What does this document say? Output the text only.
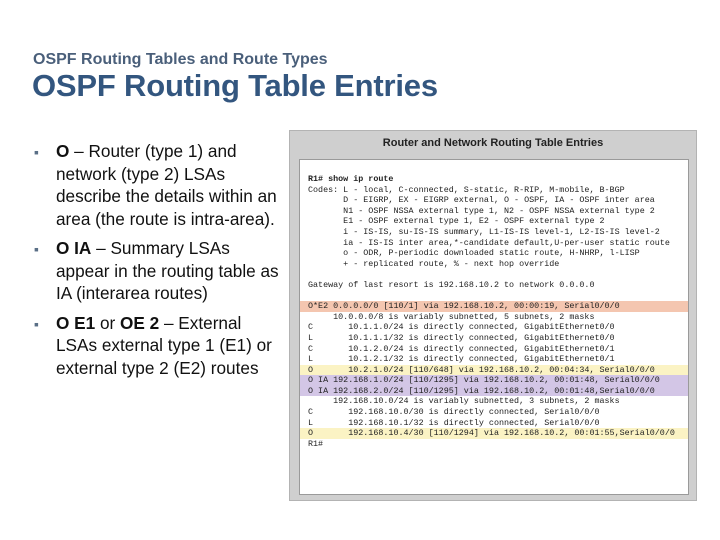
OSPF Routing Tables and Route Types
OSPF Routing Table Entries
▪ O – Router (type 1) and network (type 2) LSAs describe the details within an area (the route is intra-area).
▪ O IA – Summary LSAs appear in the routing table as IA (interarea routes)
▪ O E1 or OE 2 – External LSAs external type 1 (E1) or external type 2 (E2) routes
Router and Network Routing Table Entries
R1# show ip route
Codes: L - local, C-connected, S-static, R-RIP, M-mobile, B-BGP
D - EIGRP, EX - EIGRP external, O - OSPF, IA - OSPF inter area
N1 - OSPF NSSA external type 1, N2 - OSPF NSSA external type 2
E1 - OSPF external type 1, E2 - OSPF external type 2
i - IS-IS, su-IS-IS summary, L1-IS-IS level-1, L2-IS-IS level-2
ia - IS-IS inter area,*-candidate default,U-per-user static route
o - ODR, P-periodic downloaded static route, H-NHRP, l-LISP
+ - replicated route, % - next hop override
Gateway of last resort is 192.168.10.2 to network 0.0.0.0
O*E2 0.0.0.0/0 [110/1] via 192.168.10.2, 00:00:19, Serial0/0/0
10.0.0.0/8 is variably subnetted, 5 subnets, 2 masks
C       10.1.1.0/24 is directly connected, GigabitEthernet0/0
L       10.1.1.1/32 is directly connected, GigabitEthernet0/0
C       10.1.2.0/24 is directly connected, GigabitEthernet0/1
L       10.1.2.1/32 is directly connected, GigabitEthernet0/1
O       10.2.1.0/24 [110/648] via 192.168.10.2, 00:04:34, Serial0/0/0
O IA 192.168.1.0/24 [110/1295] via 192.168.10.2, 00:01:48, Serial0/0/0
O IA 192.168.2.0/24 [110/1295] via 192.168.10.2, 00:01:48,Serial0/0/0
192.168.10.0/24 is variably subnetted, 3 subnets, 2 masks
C       192.168.10.0/30 is directly connected, Serial0/0/0
L       192.168.10.1/32 is directly connected, Serial0/0/0
O       192.168.10.4/30 [110/1294] via 192.168.10.2, 00:01:55,Serial0/0/0
R1#
